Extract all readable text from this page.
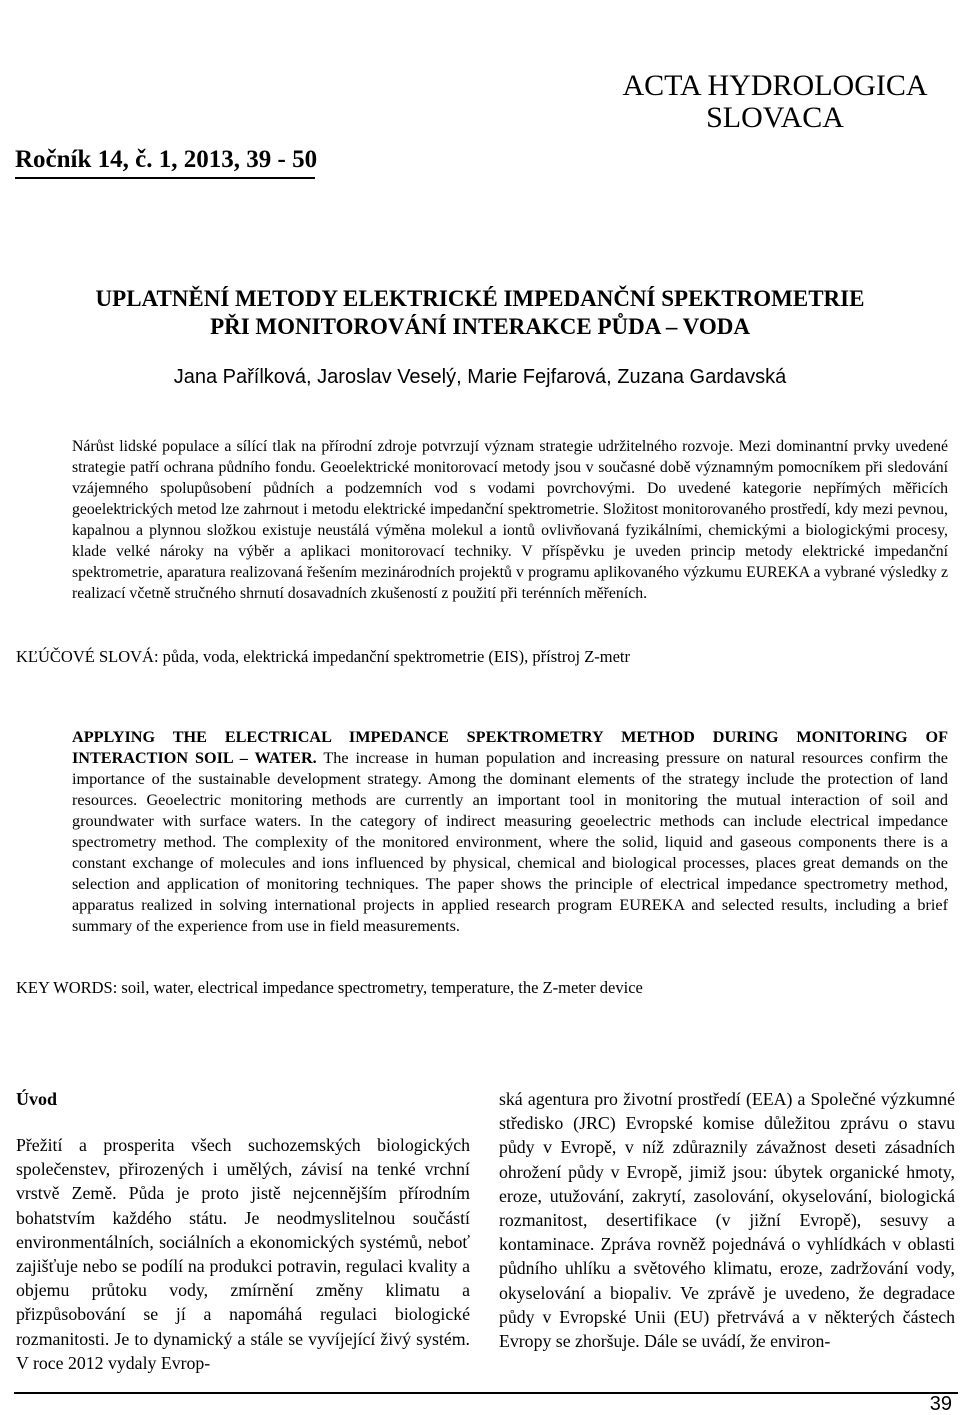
Ročník 14, č. 1, 2013, 39 - 50
ACTA HYDROLOGICA
SLOVACA
UPLATNĚNÍ METODY ELEKTRICKÉ IMPEDANČNÍ SPEKTROMETRIE
PŘI MONITOROVÁNÍ INTERAKCE PŮDA – VODA
Jana Pařílková, Jaroslav Veselý, Marie Fejfarová, Zuzana Gardavská

Nárůst lidské populace a sílící tlak na přírodní zdroje potvrzují význam strategie udržitelného rozvoje. Mezi dominantní prvky uvedené strategie patří ochrana půdního fondu. Geoelektrické monitorovací metody jsou v současné době významným pomocníkem při sledování vzájemného spolupůsobení půdních a podzemních vod s vodami povrchovými. Do uvedené kategorie nepřímých měřicích geoelektrických metod lze zahrnout i metodu elektrické impedanční spektrometrie. Složitost monitorovaného prostředí, kdy mezi pevnou, kapalnou a plynnou složkou existuje neustálá výměna molekul a iontů ovlivňovaná fyzikálními, chemickými a biologickými procesy, klade velké nároky na výběr a aplikaci monitorovací techniky. V příspěvku je uveden princip metody elektrické impedanční spektrometrie, aparatura realizovaná řešením mezinárodních projektů v programu aplikovaného výzkumu EUREKA a vybrané výsledky z realizací včetně stručného shrnutí dosavadních zkušeností z použití při terénních měřeních.

KĽÚČOVÉ SLOVÁ: půda, voda, elektrická impedanční spektrometrie (EIS), přístroj Z-metr

APPLYING THE ELECTRICAL IMPEDANCE SPEKTROMETRY METHOD DURING MONITORING OF INTERACTION SOIL – WATER. The increase in human population and increasing pressure on natural resources confirm the importance of the sustainable development strategy. Among the dominant elements of the strategy include the protection of land resources. Geoelectric monitoring methods are currently an important tool in monitoring the mutual interaction of soil and groundwater with surface waters. In the category of indirect measuring geoelectric methods can include electrical impedance spectrometry method. The complexity of the monitored environment, where the solid, liquid and gaseous components there is a constant exchange of molecules and ions influenced by physical, chemical and biological processes, places great demands on the selection and application of monitoring techniques. The paper shows the principle of electrical impedance spectrometry method, apparatus realized in solving international projects in applied research program EUREKA and selected results, including a brief summary of the experience from use in field measurements.

KEY WORDS: soil, water, electrical impedance spectrometry, temperature, the Z-meter device
Úvod

Přežití a prosperita všech suchozemských biologických společenstev, přirozených i umělých, závisí na tenké vrchní vrstvě Země. Půda je proto jistě nejcennějším přírodním bohatstvím každého státu. Je neodmyslitelnou součástí environmentálních, sociálních a ekonomických systémů, neboť zajišťuje nebo se podílí na produkci potravin, regulaci kvality a objemu průtoku vody, zmírnění změny klimatu a přizpůsobování se jí a napomáhá regulaci biologické rozmanitosti. Je to dynamický a stále se vyvíjející živý systém. V roce 2012 vydaly Evrop-

ská agentura pro životní prostředí (EEA) a Společné výzkumné středisko (JRC) Evropské komise důležitou zprávu o stavu půdy v Evropě, v níž zdůraznily závažnost deseti zásadních ohrožení půdy v Evropě, jimiž jsou: úbytek organické hmoty, eroze, utužování, zakrytí, zasolování, okyselování, biologická rozmanitost, desertifikace (v jižní Evropě), sesuvy a kontaminace. Zpráva rovněž pojednává o vyhlídkách v oblasti půdního uhlíku a světového klimatu, eroze, zadržování vody, okyselování a biopaliv. Ve zprávě je uvedeno, že degradace půdy v Evropské Unii (EU) přetrvává a v některých částech Evropy se zhoršuje. Dále se uvádí, že environ-

39
